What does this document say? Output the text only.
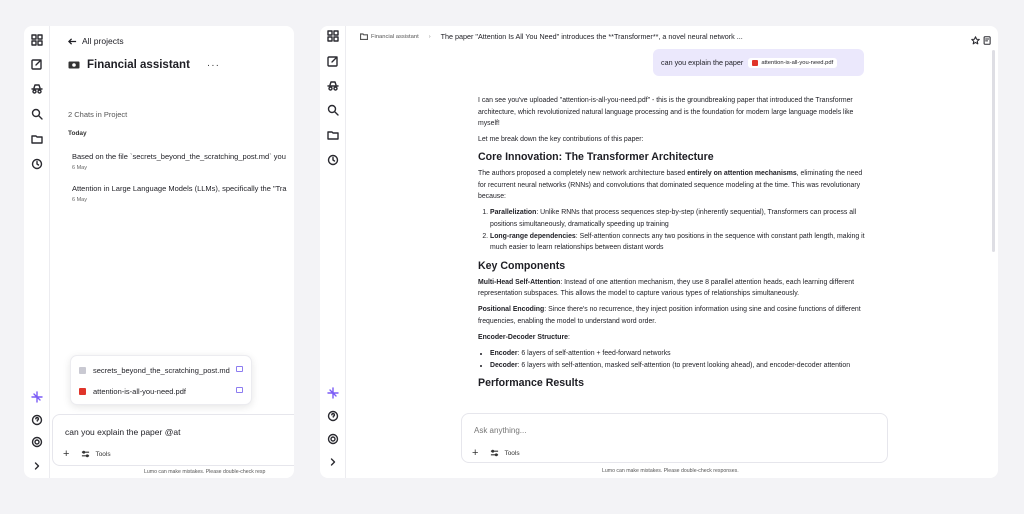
All projects
Financial assistant ···
2 Chats in Project
Today
Based on the file `secrets_beyond_the_scratching_post.md` you
6 May
Attention in Large Language Models (LLMs), specifically the "Tra
6 May
secrets_beyond_the_scratching_post.md
attention-is-all-you-need.pdf
can you explain the paper @at
+	Tools
Lumo can make mistakes. Please double-check resp
Financial assistant › The paper "Attention Is All You Need" introduces the **Transformer**, a novel neural network ...
can you explain the paper	attention-is-all-you-need.pdf

I can see you've uploaded "attention-is-all-you-need.pdf" - this is the groundbreaking paper that introduced the Transformer architecture, which revolutionized natural language processing and is the foundation for modern large language models like myself!

Let me break down the key contributions of this paper:

Core Innovation: The Transformer Architecture

The authors proposed a completely new network architecture based entirely on attention mechanisms, eliminating the need for recurrent neural networks (RNNs) and convolutions that dominated sequence modeling at the time. This was revolutionary because:

1. Parallelization: Unlike RNNs that process sequences step-by-step (inherently sequential), Transformers can process all positions simultaneously, dramatically speeding up training
2. Long-range dependencies: Self-attention connects any two positions in the sequence with constant path length, making it much easier to learn relationships between distant words
Key Components

Multi-Head Self-Attention: Instead of one attention mechanism, they use 8 parallel attention heads, each learning different representation subspaces. This allows the model to capture various types of relationships simultaneously.

Positional Encoding: Since there's no recurrence, they inject position information using sine and cosine functions of different frequencies, enabling the model to understand word order.

Encoder-Decoder Structure:

• Encoder: 6 layers of self-attention + feed-forward networks
• Decoder: 6 layers with self-attention, masked self-attention (to prevent looking ahead), and encoder-decoder attention
Performance Results
Ask anything...
+	Tools
Lumo can make mistakes. Please double-check responses.
